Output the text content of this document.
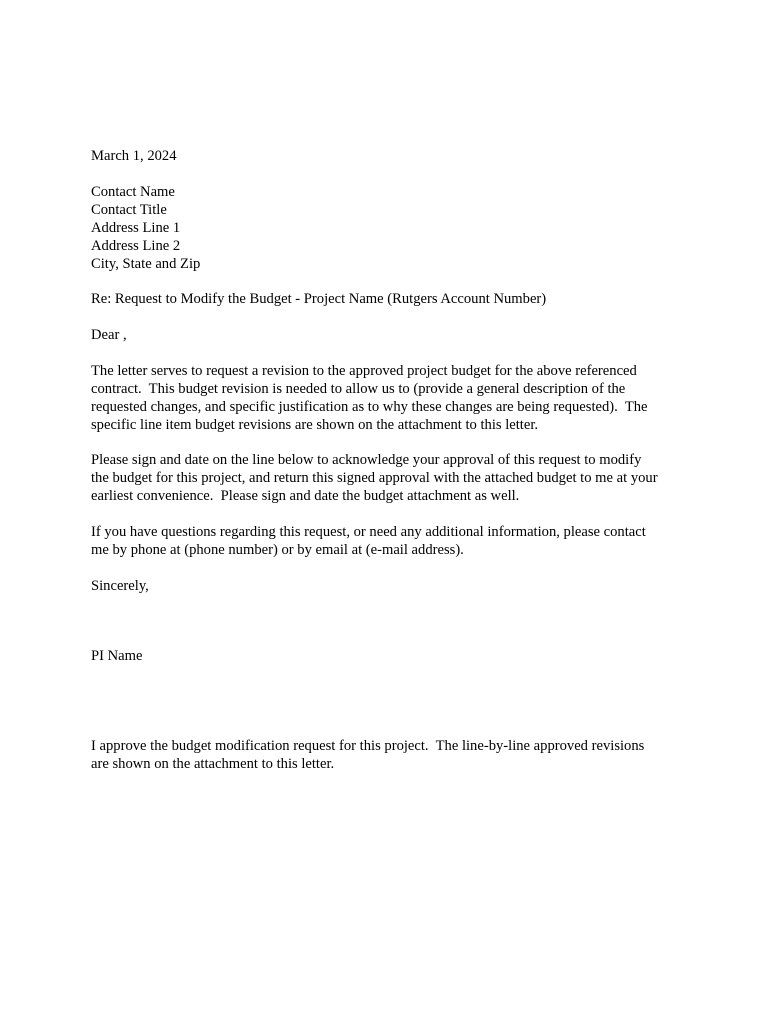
March 1, 2024

Contact Name
Contact Title
Address Line 1
Address Line 2
City, State and Zip

Re: Request to Modify the Budget - Project Name (Rutgers Account Number)

Dear ,

The letter serves to request a revision to the approved project budget for the above referenced
contract.  This budget revision is needed to allow us to (provide a general description of the
requested changes, and specific justification as to why these changes are being requested).  The
specific line item budget revisions are shown on the attachment to this letter.

Please sign and date on the line below to acknowledge your approval of this request to modify
the budget for this project, and return this signed approval with the attached budget to me at your
earliest convenience.  Please sign and date the budget attachment as well.

If you have questions regarding this request, or need any additional information, please contact
me by phone at (phone number) or by email at (e-mail address).

Sincerely,

PI Name

I approve the budget modification request for this project.  The line-by-line approved revisions
are shown on the attachment to this letter.
